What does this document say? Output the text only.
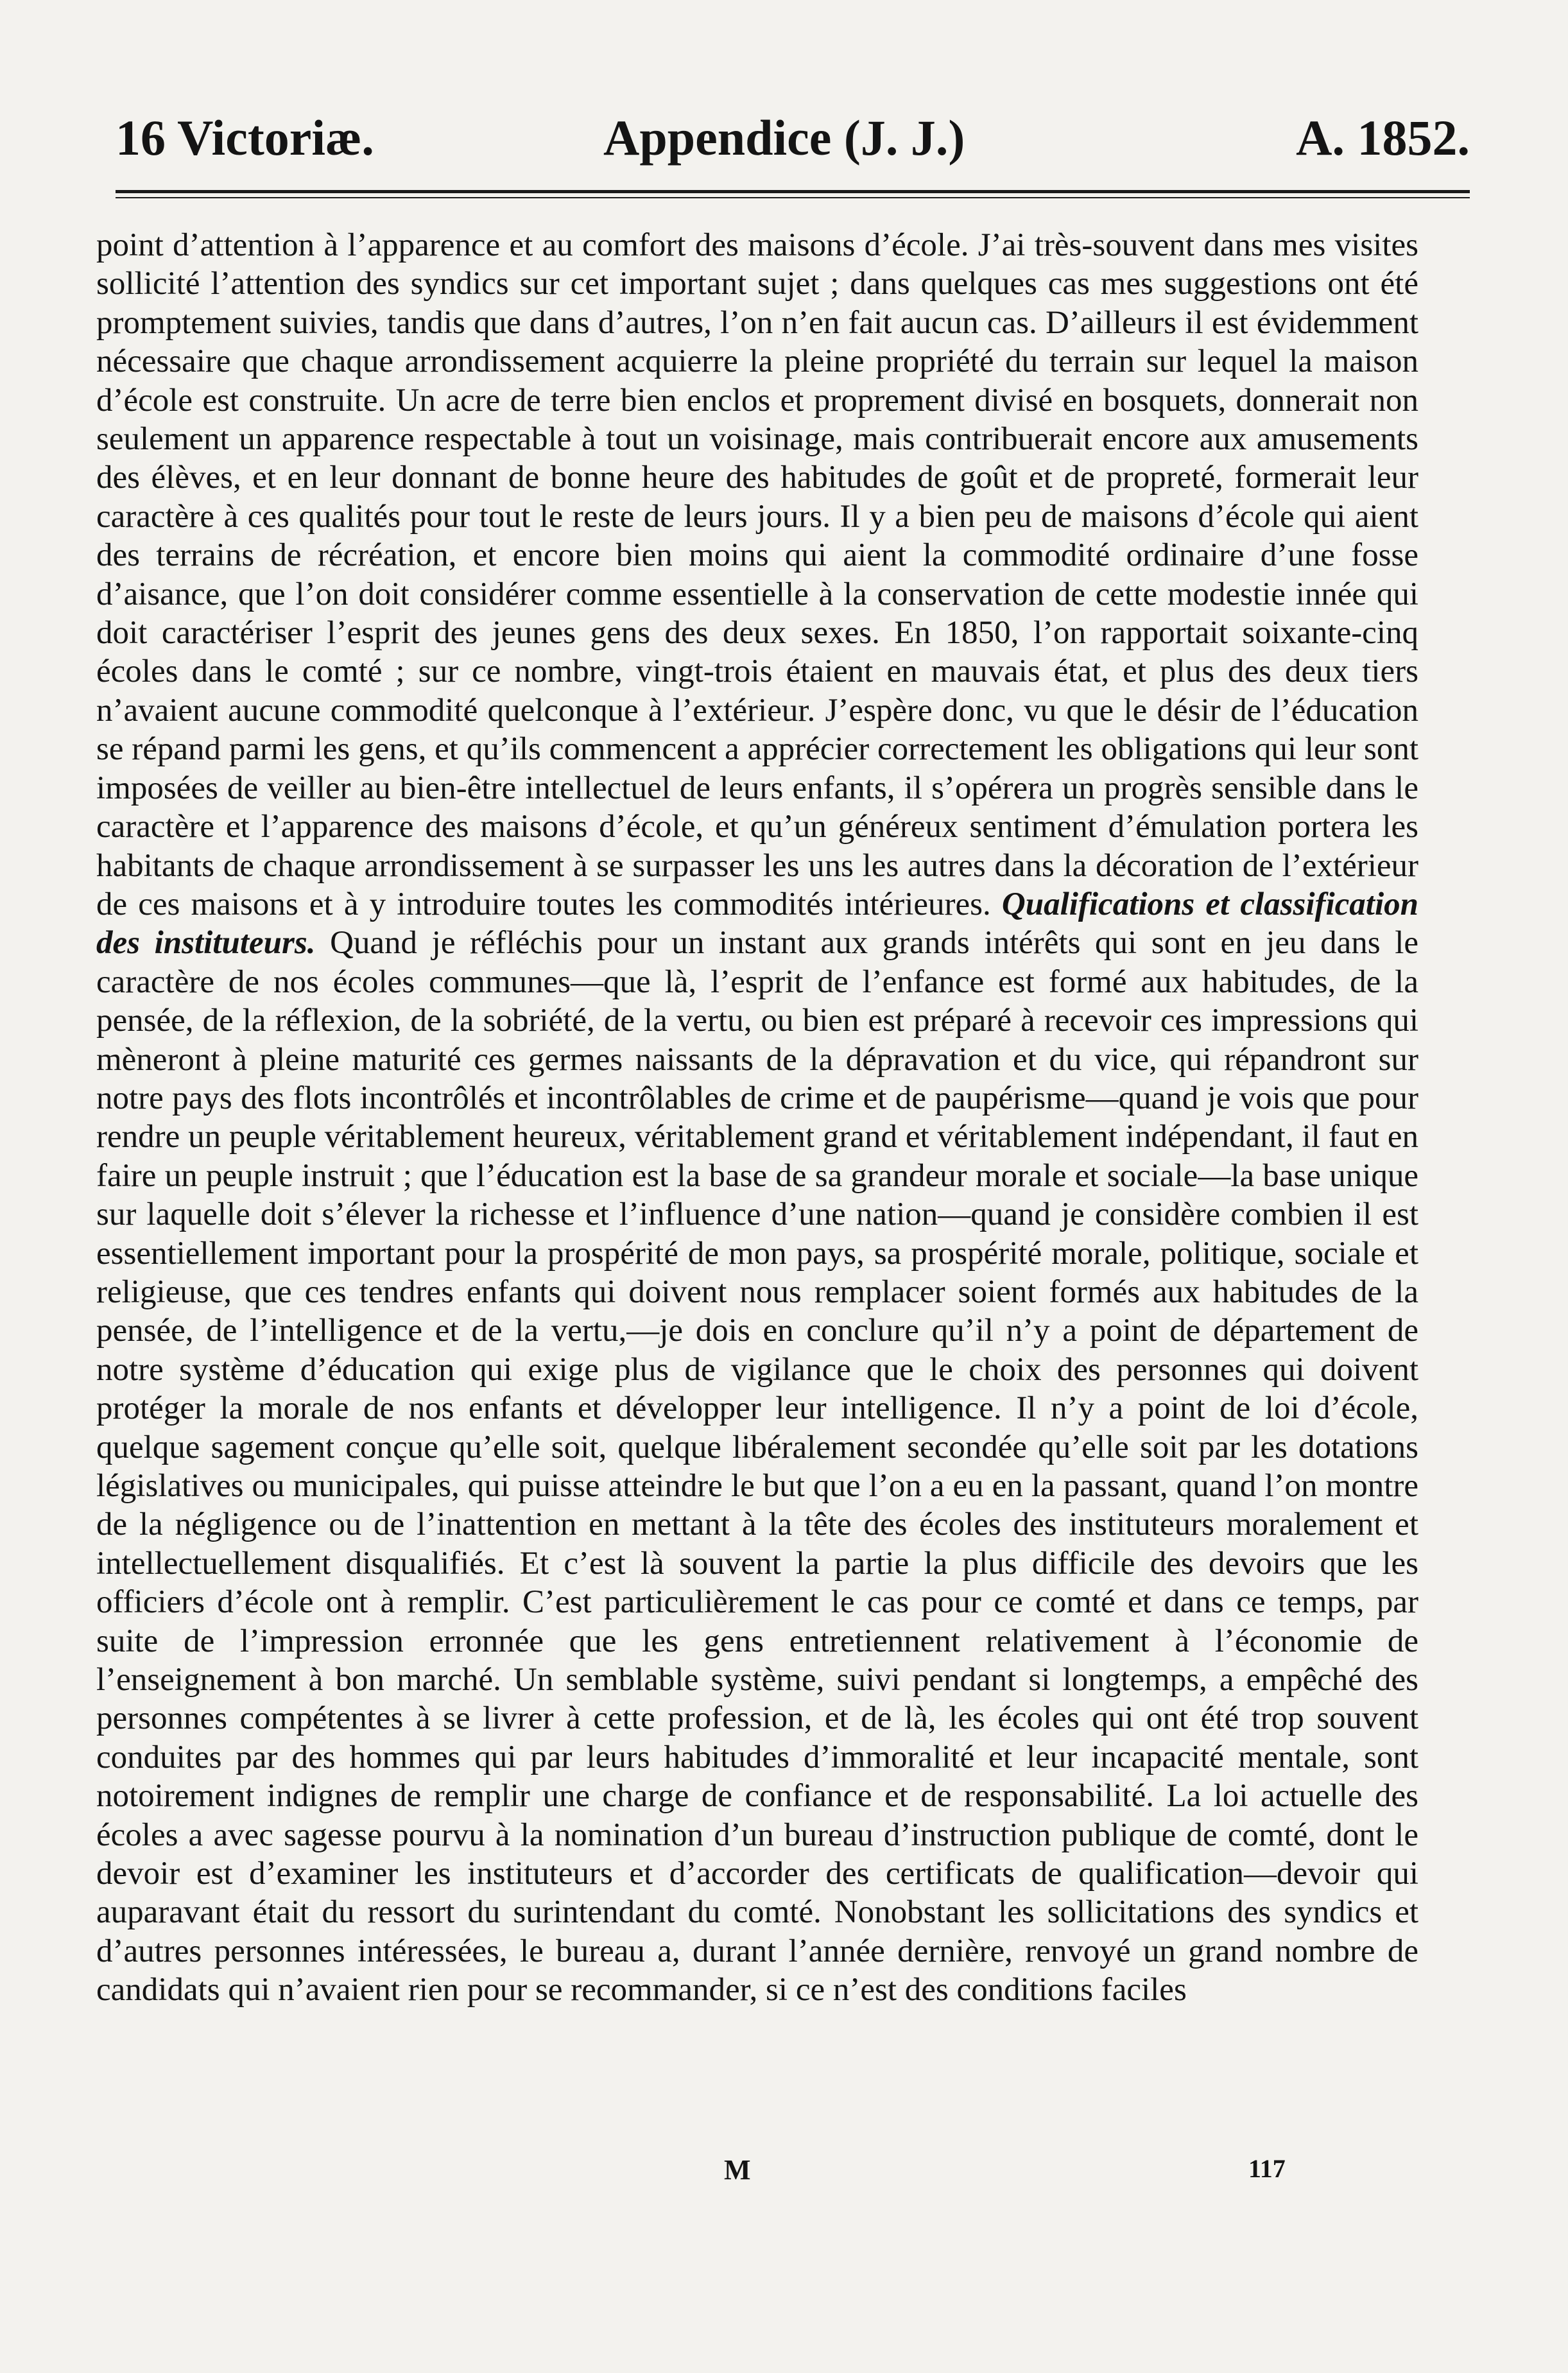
16 Victoriæ.	Appendice (J. J.)	A. 1852.
point d’attention à l’apparence et au comfort des maisons d’école. J’ai très-souvent dans mes visites sollicité l’attention des syndics sur cet important sujet ; dans quelques cas mes suggestions ont été promptement suivies, tandis que dans d’autres, l’on n’en fait aucun cas. D’ailleurs il est évidemment nécessaire que chaque arrondissement acquierre la pleine propriété du terrain sur lequel la maison d’école est construite. Un acre de terre bien enclos et proprement divisé en bosquets, donnerait non seulement un apparence respectable à tout un voisinage, mais contribuerait encore aux amusements des élèves, et en leur donnant de bonne heure des habitudes de goût et de propreté, formerait leur caractère à ces qualités pour tout le reste de leurs jours. Il y a bien peu de maisons d’école qui aient des terrains de récréation, et encore bien moins qui aient la commodité ordinaire d’une fosse d’aisance, que l’on doit considérer comme essentielle à la conservation de cette modestie innée qui doit caractériser l’esprit des jeunes gens des deux sexes. En 1850, l’on rapportait soixante-cinq écoles dans le comté ; sur ce nombre, vingt-trois étaient en mauvais état, et plus des deux tiers n’avaient aucune commodité quelconque à l’extérieur. J’espère donc, vu que le désir de l’éducation se répand parmi les gens, et qu’ils commencent a apprécier correctement les obligations qui leur sont imposées de veiller au bien-être intellectuel de leurs enfants, il s’opérera un progrès sensible dans le caractère et l’apparence des maisons d’école, et qu’un généreux sentiment d’émulation portera les habitants de chaque arrondissement à se surpasser les uns les autres dans la décoration de l’extérieur de ces maisons et à y introduire toutes les commodités intérieures. Qualifications et classification des instituteurs. Quand je réfléchis pour un instant aux grands intérêts qui sont en jeu dans le caractère de nos écoles communes—que là, l’esprit de l’enfance est formé aux habitudes, de la pensée, de la réflexion, de la sobriété, de la vertu, ou bien est préparé à recevoir ces impressions qui mèneront à pleine maturité ces germes naissants de la dépravation et du vice, qui répandront sur notre pays des flots incontrôlés et incontrôlables de crime et de paupérisme—quand je vois que pour rendre un peuple véritablement heureux, véritablement grand et véritablement indépendant, il faut en faire un peuple instruit ; que l’éducation est la base de sa grandeur morale et sociale—la base unique sur laquelle doit s’élever la richesse et l’influence d’une nation—quand je considère combien il est essentiellement important pour la prospérité de mon pays, sa prospérité morale, politique, sociale et religieuse, que ces tendres enfants qui doivent nous remplacer soient formés aux habitudes de la pensée, de l’intelligence et de la vertu,—je dois en conclure qu’il n’y a point de département de notre système d’éducation qui exige plus de vigilance que le choix des personnes qui doivent protéger la morale de nos enfants et développer leur intelligence. Il n’y a point de loi d’école, quelque sagement conçue qu’elle soit, quelque libéralement secondée qu’elle soit par les dotations législatives ou municipales, qui puisse atteindre le but que l’on a eu en la passant, quand l’on montre de la négligence ou de l’inattention en mettant à la tête des écoles des instituteurs moralement et intellectuellement disqualifiés. Et c’est là souvent la partie la plus difficile des devoirs que les officiers d’école ont à remplir. C’est particulièrement le cas pour ce comté et dans ce temps, par suite de l’impression erronnée que les gens entretiennent relativement à l’économie de l’enseignement à bon marché. Un semblable système, suivi pendant si longtemps, a empêché des personnes compétentes à se livrer à cette profession, et de là, les écoles qui ont été trop souvent conduites par des hommes qui par leurs habitudes d’immoralité et leur incapacité mentale, sont notoirement indignes de remplir une charge de confiance et de responsabilité. La loi actuelle des écoles a avec sagesse pourvu à la nomination d’un bureau d’instruction publique de comté, dont le devoir est d’examiner les instituteurs et d’accorder des certificats de qualification—devoir qui auparavant était du ressort du surintendant du comté. Nonobstant les sollicitations des syndics et d’autres personnes intéressées, le bureau a, durant l’année dernière, renvoyé un grand nombre de candidats qui n’avaient rien pour se recommander, si ce n’est des conditions faciles
M	117
